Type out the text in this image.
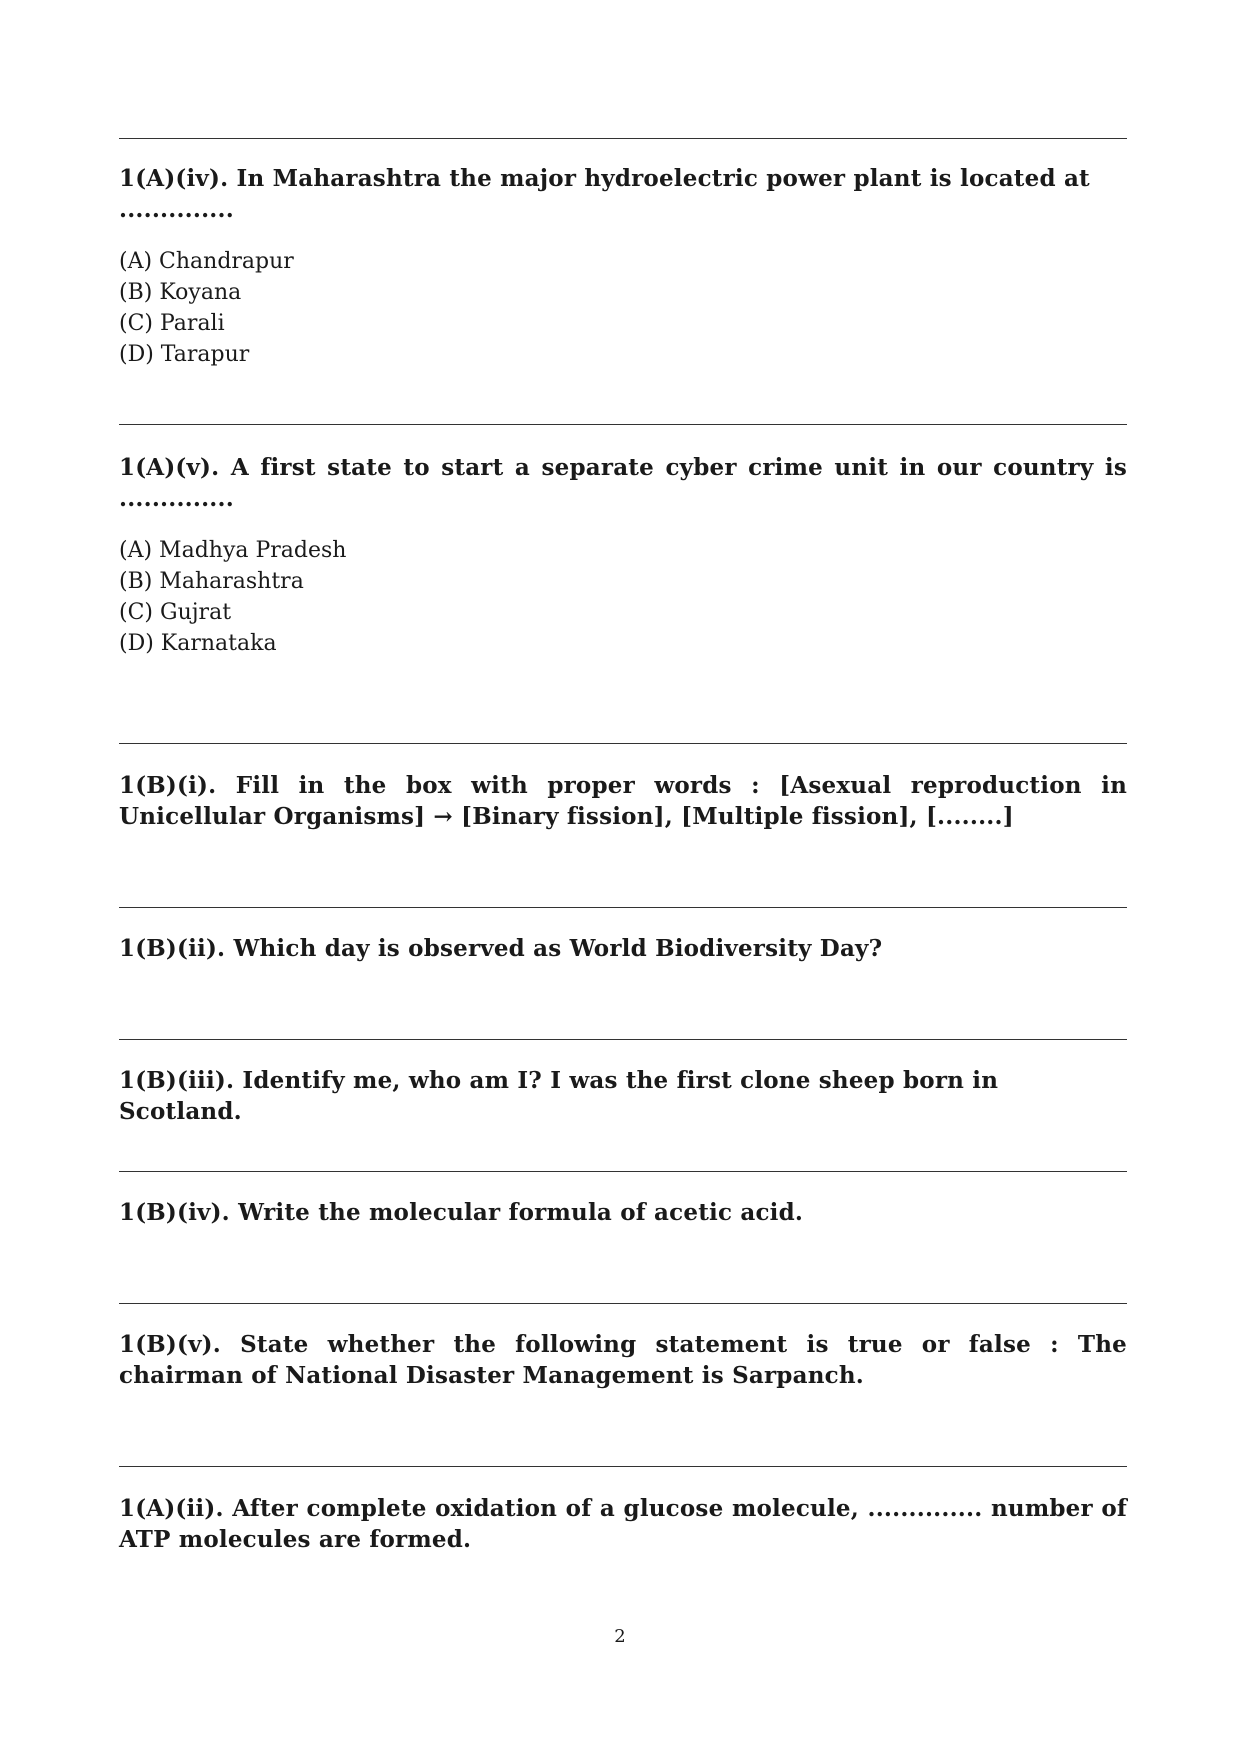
1(A)(iv). In Maharashtra the major hydroelectric power plant is located at ..............
(A) Chandrapur
(B) Koyana
(C) Parali
(D) Tarapur
1(A)(v). A first state to start a separate cyber crime unit in our country is ..............
(A) Madhya Pradesh
(B) Maharashtra
(C) Gujrat
(D) Karnataka
1(B)(i). Fill in the box with proper words : [Asexual reproduction in Unicellular Organisms] → [Binary fission], [Multiple fission], [........]
1(B)(ii). Which day is observed as World Biodiversity Day?
1(B)(iii). Identify me, who am I? I was the first clone sheep born in Scotland.
1(B)(iv). Write the molecular formula of acetic acid.
1(B)(v). State whether the following statement is true or false : The chairman of National Disaster Management is Sarpanch.
1(A)(ii). After complete oxidation of a glucose molecule, .............. number of ATP molecules are formed.
2
